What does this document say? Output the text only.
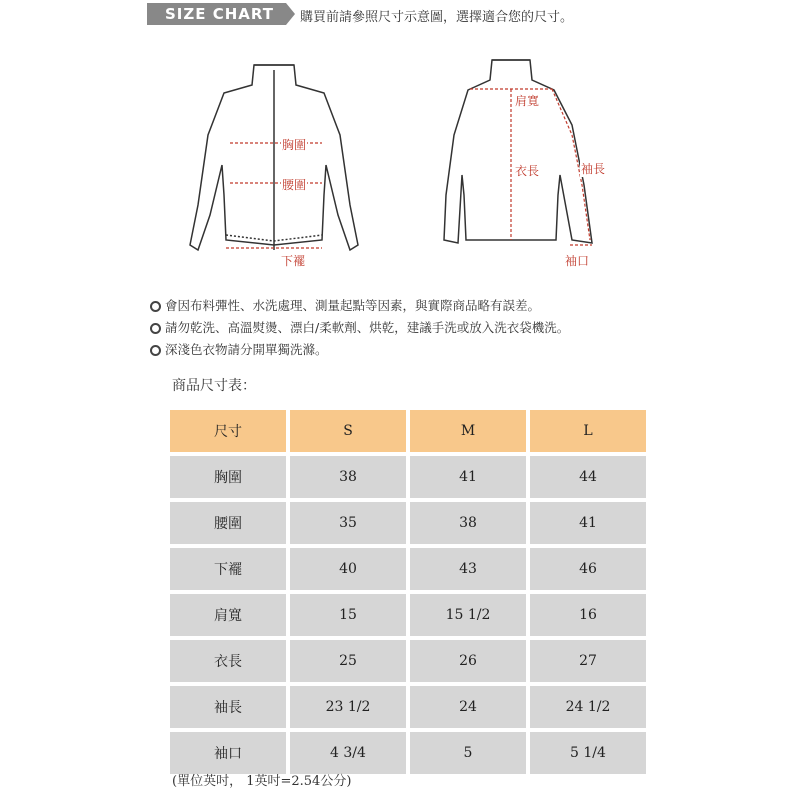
SIZE CHART 購買前請參照尺寸示意圖，選擇適合您的尺寸。
胸圍
腰圍
下襬
肩寬
衣長	袖長
袖口
會因布料彈性、水洗處理、測量起點等因素，與實際商品略有誤差。
請勿乾洗、高溫熨燙、漂白/柔軟劑、烘乾，建議手洗或放入洗衣袋機洗。
深淺色衣物請分開單獨洗滌。
商品尺寸表：
尺寸	S	M	L
胸圍	38	41	44
腰圍	35	38	41
下襬	40	43	46
肩寬	15	15 1/2	16
衣長	25	26	27
袖長	23 1/2	24	24 1/2
袖口	4 3/4	5	5 1/4
(單位英吋， 1英吋=2.54公分)
